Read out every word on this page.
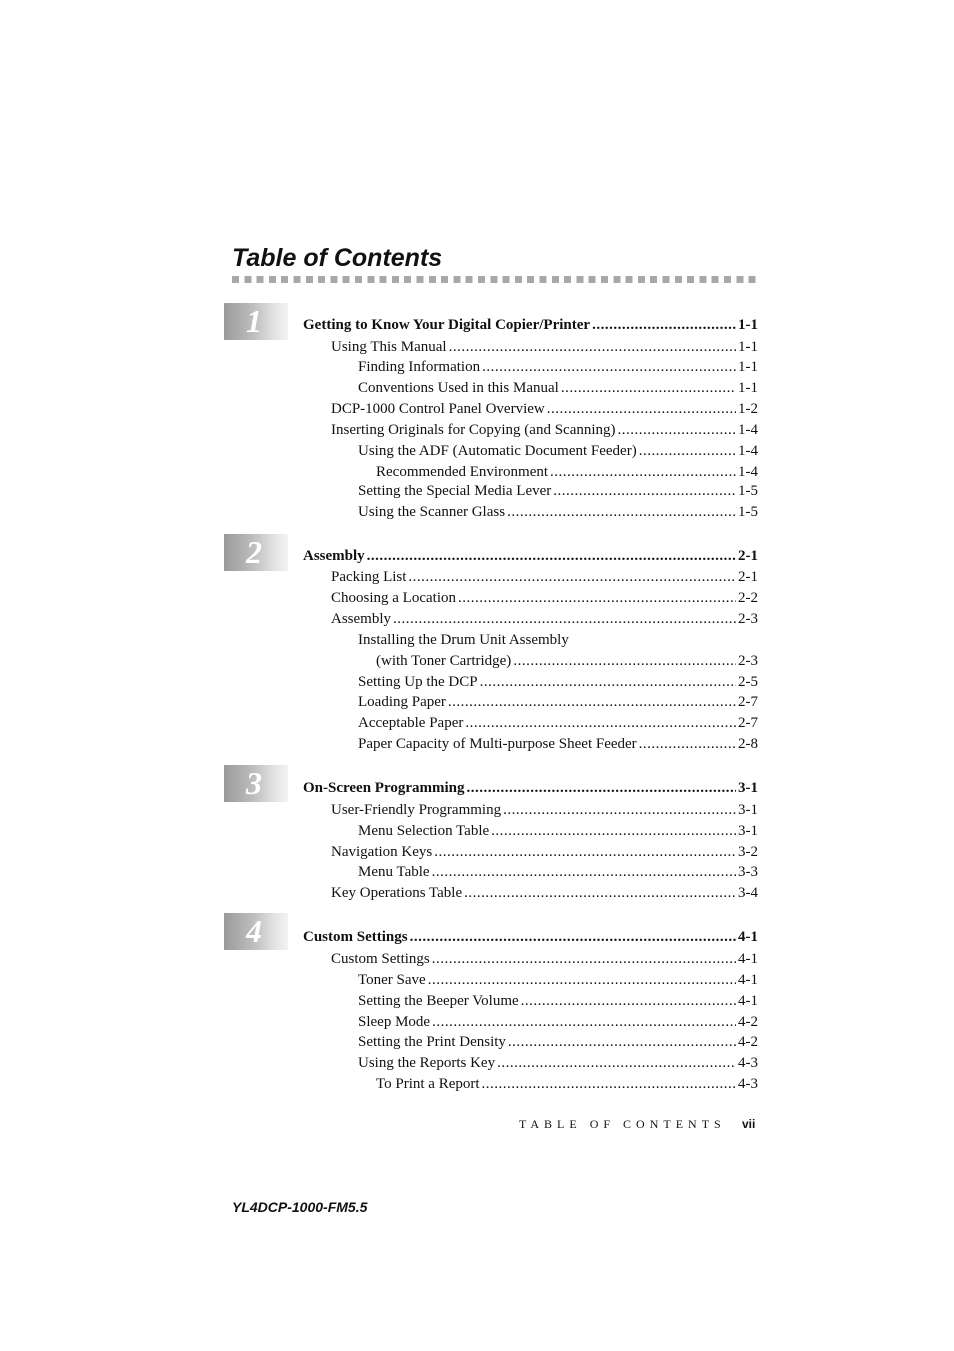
Table of Contents
1	Getting to Know Your Digital Copier/Printer .....	1-1
Using This Manual .....	1-1
Finding Information .....	1-1
Conventions Used in this Manual .....	1-1
DCP-1000 Control Panel Overview .....	1-2
Inserting Originals for Copying (and Scanning) .....	1-4
Using the ADF (Automatic Document Feeder) .....	1-4
Recommended Environment .....	1-4
Setting the Special Media Lever .....	1-5
Using the Scanner Glass .....	1-5
2	Assembly .....	2-1
Packing List .....	2-1
Choosing a Location .....	2-2
Assembly .....	2-3
Installing the Drum Unit Assembly
(with Toner Cartridge) .....	2-3
Setting Up the DCP .....	2-5
Loading Paper .....	2-7
Acceptable Paper .....	2-7
Paper Capacity of Multi-purpose Sheet Feeder .....	2-8
3	On-Screen Programming .....	3-1
User-Friendly Programming .....	3-1
Menu Selection Table .....	3-1
Navigation Keys .....	3-2
Menu Table .....	3-3
Key Operations Table .....	3-4
4	Custom Settings .....	4-1
Custom Settings .....	4-1
Toner Save .....	4-1
Setting the Beeper Volume .....	4-1
Sleep Mode .....	4-2
Setting the Print Density .....	4-2
Using the Reports Key .....	4-3
To Print a Report .....	4-3
TABLE OF CONTENTS vii
YL4DCP-1000-FM5.5
